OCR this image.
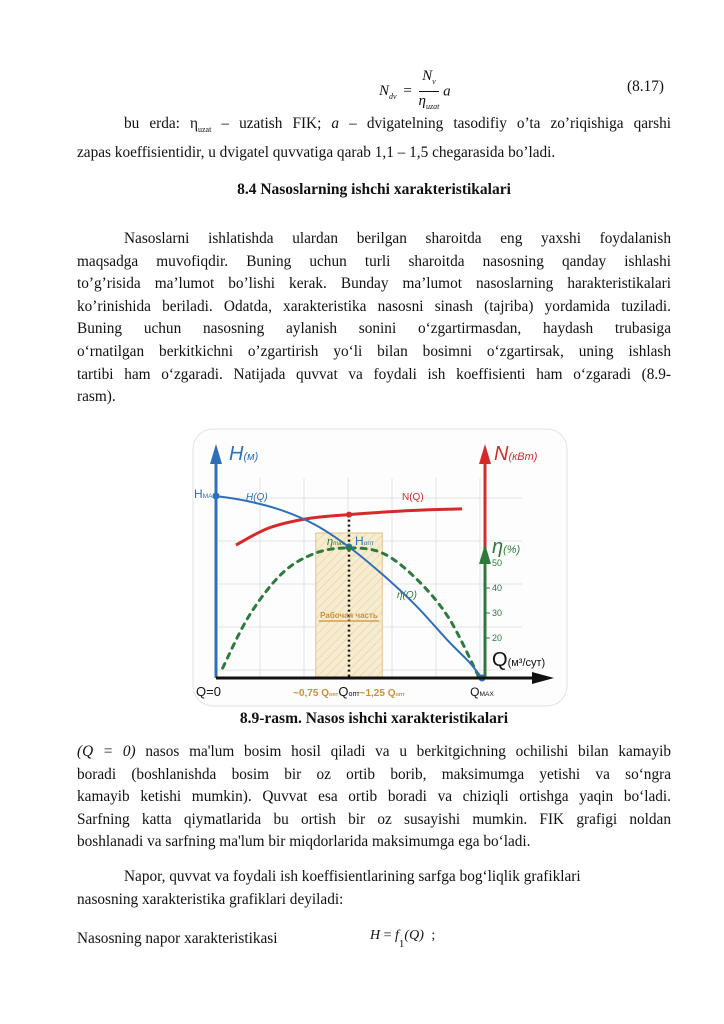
$N_{dv} = \frac{N_v}{\eta_{uzat}}$ a	(8.17)
bu erda: $\eta_{uzat}$ – uzatish FIK; a – dvigatelning tasodifiy o’ta zo’riqishiga qarshi
zapas koeffisientidir, u dvigatel quvvatiga qarab 1,1 – 1,5 chegarasida bo’ladi.
8.4 Nasoslarning ishchi xarakteristikalari
Nasoslarni ishlatishda ulardan berilgan sharoitda eng yaxshi foydalanish
maqsadga muvofiqdir. Buning uchun turli sharoitda nasosning qanday ishlashi
to’g’risida ma’lumot bo’lishi kerak. Bunday ma’lumot nasoslarning harakteristikalari
ko’rinishida beriladi. Odatda, xarakteristika nasosni sinash (tajriba) yordamida tuziladi.
Buning uchun nasosning aylanish sonini o‘zgartirmasdan, haydash trubasiga
o‘rnatilgan berkitkichni o’zgartirish yo‘li bilan bosimni o‘zgartirsak, uning ishlash
tartibi ham o‘zgaradi. Natijada quvvat va foydali ish koeffisienti ham o‘zgaradi (8.9-
rasm).
Рабочая часть
20
30
40
50
H(м)	N(кВт)
η(%)
Q(м³/сут)
HMAX	H(Q)	N(Q)
η(Q)
Hопт
ηmax
Q=0	~0,75 Qопт Qопт ~1,25 Qопт	QMAX
8.9-rasm. Nasos ishchi xarakteristikalari
(Q = 0) nasos ma'lum bosim hosil qiladi va u berkitgichning ochilishi bilan kamayib
boradi (boshlanishda bosim bir oz ortib borib, maksimumga yetishi va so‘ngra
kamayib ketishi mumkin). Quvvat esa ortib boradi va chiziqli ortishga yaqin bo‘ladi.
Sarfning katta qiymatlarida bu ortish bir oz susayishi mumkin. FIK grafigi noldan
boshlanadi va sarfning ma'lum bir miqdorlarida maksimumga ega bo‘ladi.
Napor, quvvat va foydali ish koeffisientlarining sarfga bog‘liqlik grafiklari
nasosning xarakteristika grafiklari deyiladi:
Nasosning napor xarakteristikasi	$H = f_1(Q)$ ;
